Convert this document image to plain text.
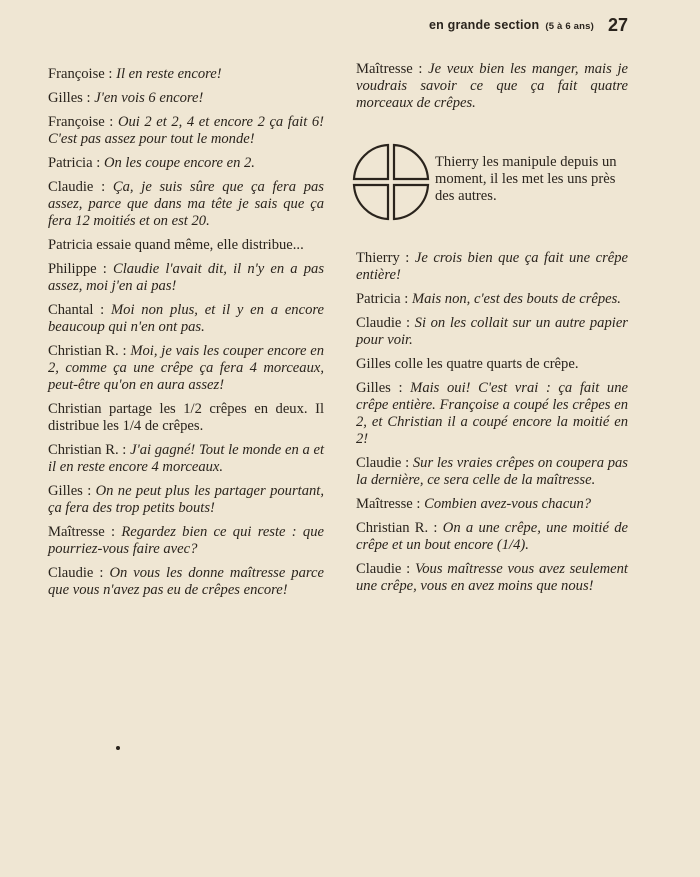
en grande section (5 à 6 ans) 27

Françoise : Il en reste encore!

Gilles : J'en vois 6 encore!

Françoise : Oui 2 et 2, 4 et encore 2 ça fait 6! C'est pas assez pour tout le monde!

Patricia : On les coupe encore en 2.

Claudie : Ça, je suis sûre que ça fera pas assez, parce que dans ma tête je sais que ça fera 12 moitiés et on est 20.

Patricia essaie quand même, elle distribue...

Philippe : Claudie l'avait dit, il n'y en a pas assez, moi j'en ai pas!

Chantal : Moi non plus, et il y en a encore beaucoup qui n'en ont pas.

Christian R. : Moi, je vais les couper encore en 2, comme ça une crêpe ça fera 4 morceaux, peut-être qu'on en aura assez!

Christian partage les 1/2 crêpes en deux. Il distribue les 1/4 de crêpes.

Christian R. : J'ai gagné! Tout le monde en a et il en reste encore 4 morceaux.

Gilles : On ne peut plus les partager pourtant, ça fera des trop petits bouts!

Maîtresse : Regardez bien ce qui reste : que pourriez-vous faire avec?

Claudie : On vous les donne maîtresse parce que vous n'avez pas eu de crêpes encore!

Maîtresse : Je veux bien les manger, mais je voudrais savoir ce que ça fait quatre morceaux de crêpes.

Thierry les manipule depuis un moment, il les met les uns près des autres.

Thierry : Je crois bien que ça fait une crêpe entière!

Patricia : Mais non, c'est des bouts de crêpes.

Claudie : Si on les collait sur un autre papier pour voir.

Gilles colle les quatre quarts de crêpe.

Gilles : Mais oui! C'est vrai : ça fait une crêpe entière. Françoise a coupé les crêpes en 2, et Christian il a coupé encore la moitié en 2!

Claudie : Sur les vraies crêpes on coupera pas la dernière, ce sera celle de la maîtresse.

Maîtresse : Combien avez-vous chacun?

Christian R. : On a une crêpe, une moitié de crêpe et un bout encore (1/4).

Claudie : Vous maîtresse vous avez seulement une crêpe, vous en avez moins que nous!
